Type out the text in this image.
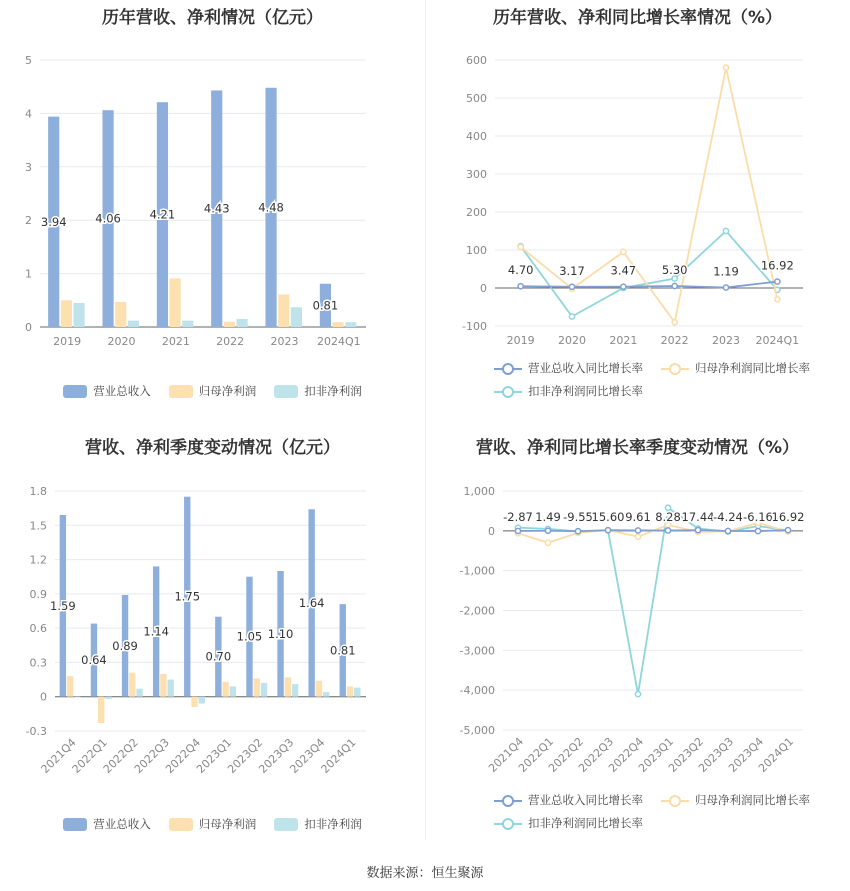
历年营收、净利情况（亿元）
0
1
2
3
4
5
2019 2020 2021 2022 2023 2024Q1
3.94 4.06 4.21 4.43 4.48
0.81
营业总收入	归母净利润	扣非净利润
历年营收、净利同比增长率情况（%）
-100
0
100
200
300
400
500
600
2019 2020 2021 2022 2023 2024Q1
4.70 3.17 3.47 5.30 1.19 16.92
营业总收入同比增长率	归母净利润同比增长率
扣非净利润同比增长率
营收、净利季度变动情况（亿元）
-0.3
0
0.3
0.6
0.9
1.2
1.5
1.8
2021Q4
2022Q1
2022Q2
2022Q3
2022Q4
2023Q1
2023Q2
2023Q3
2023Q4
2024Q1
1.59
0.64
0.89
1.14
1.75
0.70
1.05 1.10
1.64
0.81
营业总收入	归母净利润	扣非净利润
营收、净利同比增长率季度变动情况（%）
-5,000
-4,000
-3,000
-2,000
-1,000
0
1,000
2021Q4
2022Q1
2022Q2
2022Q3
2022Q4
2023Q1
2023Q2
2023Q3
2023Q4
2024Q1
-2.87 1.49 -9.55
15.60 9.61 8.28 17.44
-4.24 -6.16
16.92
营业总收入同比增长率	归母净利润同比增长率
扣非净利润同比增长率
数据来源：恒生聚源
